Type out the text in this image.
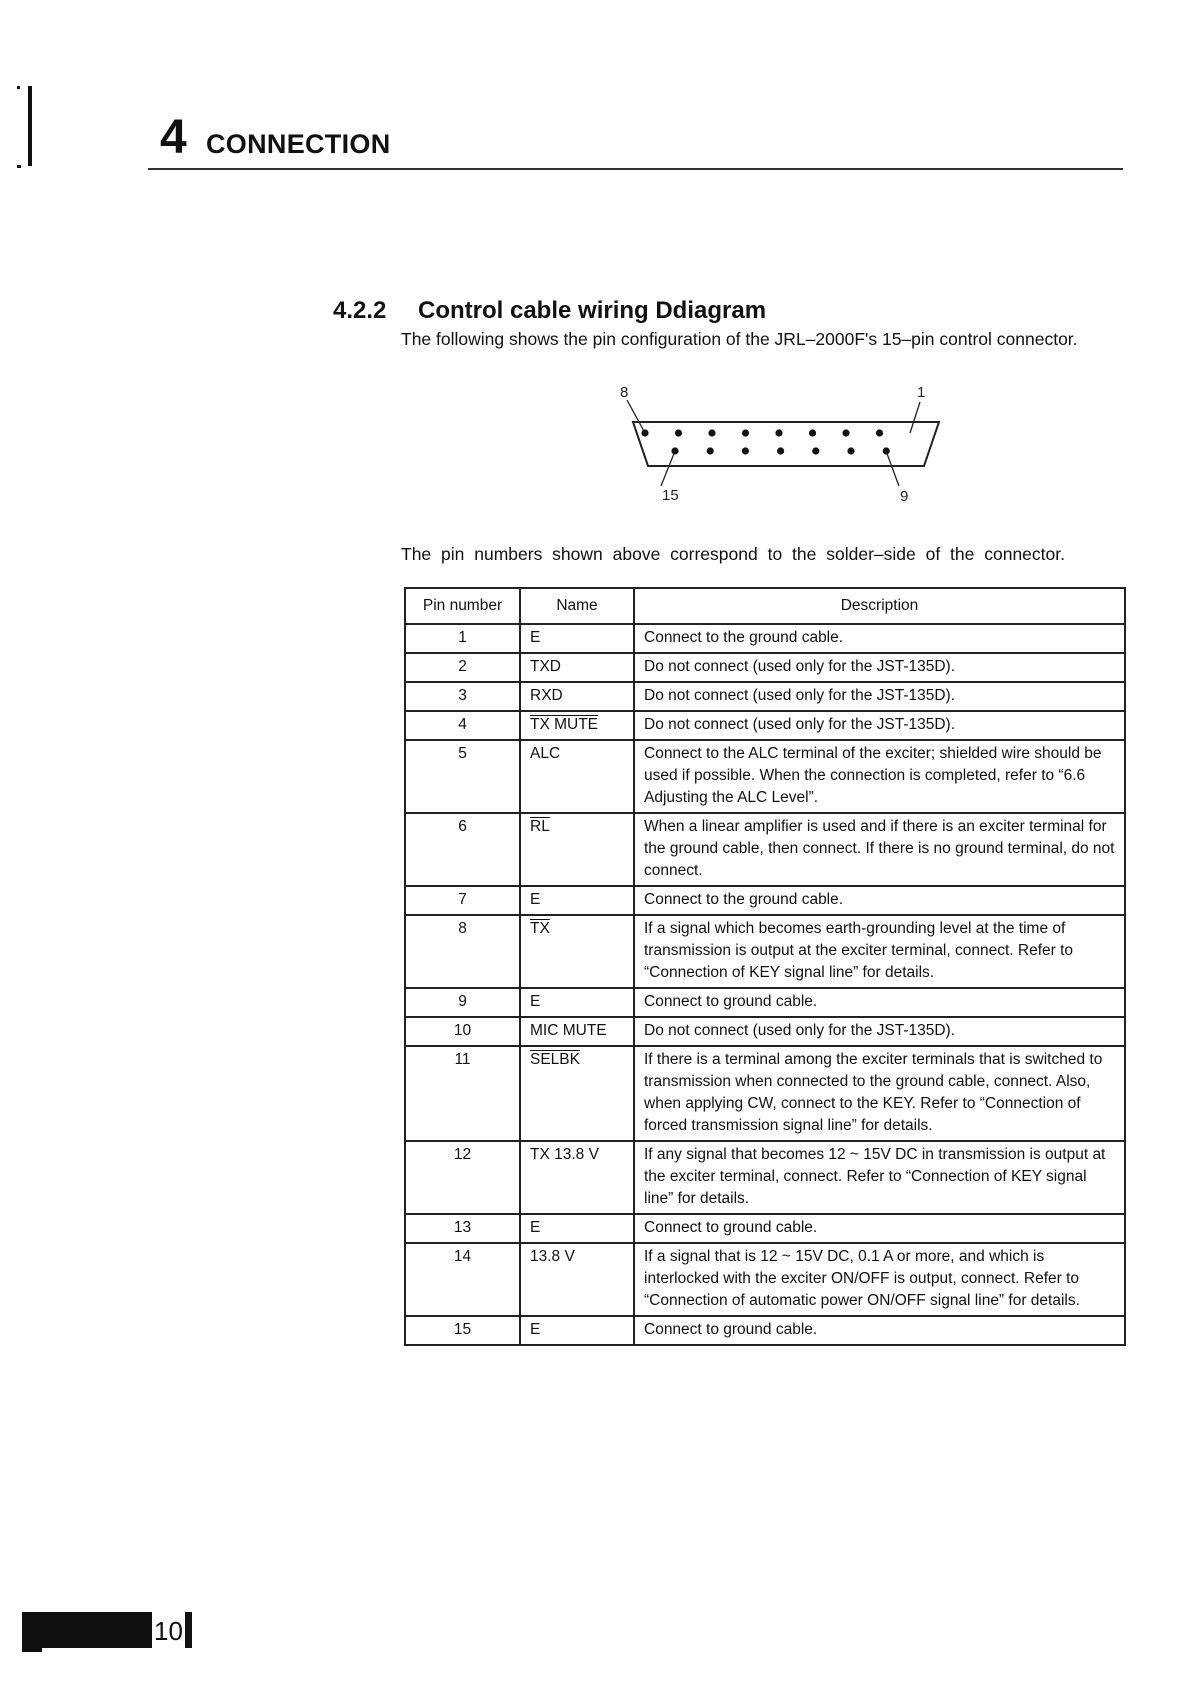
4 CONNECTION
4.2.2 Control cable wiring Ddiagram
The following shows the pin configuration of the JRL–2000F's 15–pin control connector.
8	1
15	9
The pin numbers shown above correspond to the solder–side of the connector.
Pin number	Name	Description
1	E	Connect to the ground cable.
2	TXD	Do not connect (used only for the JST-135D).
3	RXD	Do not connect (used only for the JST-135D).
4	TX MUTE	Do not connect (used only for the JST-135D).
5	ALC	Connect to the ALC terminal of the exciter; shielded wire should be used if possible. When the connection is completed, refer to “6.6 Adjusting the ALC Level”.
6	$\overline{RL}$	When a linear amplifier is used and if there is an exciter terminal for the ground cable, then connect. If there is no ground terminal, do not connect.
7	E	Connect to the ground cable.
8	$\overline{TX}$	If a signal which becomes earth-grounding level at the time of transmission is output at the exciter terminal, connect. Refer to “Connection of KEY signal line” for details.
9	E	Connect to ground cable.
10	MIC MUTE	Do not connect (used only for the JST-135D).
11	SELBK	If there is a terminal among the exciter terminals that is switched to transmission when connected to the ground cable, connect. Also, when applying CW, connect to the KEY. Refer to “Connection of forced transmission signal line” for details.
12	TX 13.8 V	If any signal that becomes 12 ~ 15V DC in transmission is output at the exciter terminal, connect. Refer to “Connection of KEY signal line” for details.
13	E	Connect to ground cable.
14	13.8 V	If a signal that is 12 ~ 15V DC, 0.1 A or more, and which is interlocked with the exciter ON/OFF is output, connect. Refer to “Connection of automatic power ON/OFF signal line” for details.
15	E	Connect to ground cable.
10
